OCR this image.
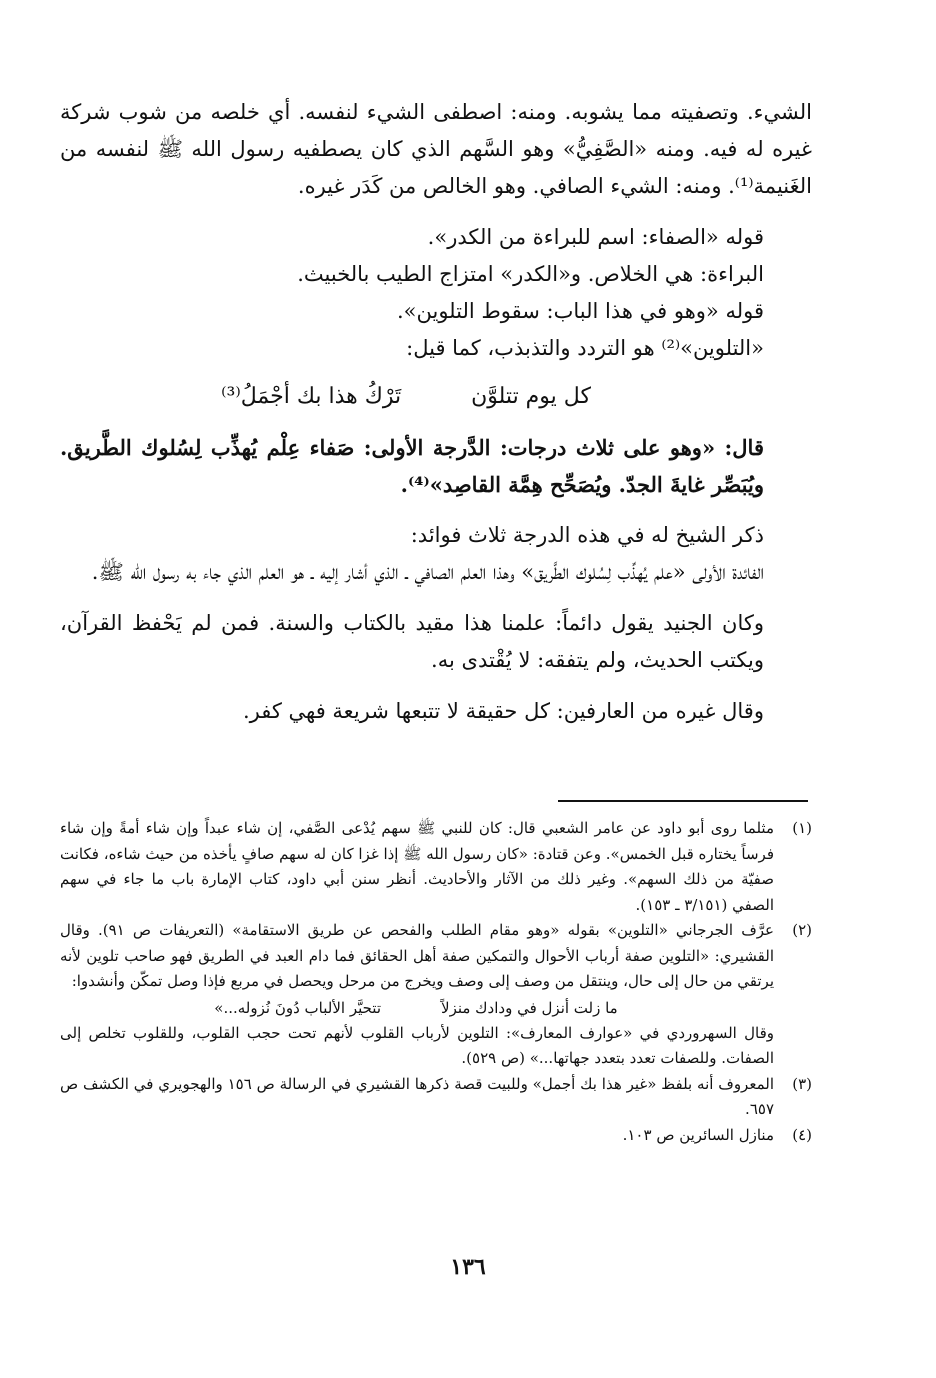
الشيء. وتصفيته مما يشوبه. ومنه: اصطفى الشيء لنفسه. أي خلصه من شوب شركة غيره له فيه. ومنه «الصَّفِيُّ» وهو السَّهم الذي كان يصطفيه رسول الله ﷺ لنفسه من الغَنيمة⁽¹⁾. ومنه: الشيء الصافي. وهو الخالص من كَدَر غيره.

قوله «الصفاء: اسم للبراءة من الكدر».

البراءة: هي الخلاص. و«الكدر» امتزاج الطيب بالخبيث.

قوله «وهو في هذا الباب: سقوط التلوين».

«التلوين»⁽²⁾ هو التردد والتذبذب، كما قيل:

كل يوم تتلوَّن
تَرْكُ هذا بك أجْمَلُ⁽³⁾

قال: «وهو على ثلاث درجات: الدَّرجة الأولى: صَفاء عِلْم يُهذِّب لِسُلوك الطَّريق. ويُبَصِّر غايةَ الجدّ. ويُصَحِّح هِمَّة القاصِد»⁽⁴⁾.

ذكر الشيخ له في هذه الدرجة ثلاث فوائد:

الفائدة الأولى «علم يُهذِّب لِسُلوك الطَّريق» وهذا العلم الصافي ـ الذي أشار إليه ـ هو العلم الذي جاء به رسول الله ﷺ.

وكان الجنيد يقول دائماً: علمنا هذا مقيد بالكتاب والسنة. فمن لم يَحْفظ القرآن، ويكتب الحديث، ولم يتفقه: لا يُقْتدى به.

وقال غيره من العارفين: كل حقيقة لا تتبعها شريعة فهي كفر.

(١)
مثلما روى أبو داود عن عامر الشعبي قال: كان للنبي ﷺ سهم يُدْعى الصَّفي، إن شاء عبداً وإن شاء أمةً وإن شاء فرساً يختاره قبل الخمس». وعن قتادة: «كان رسول الله ﷺ إذا غزا كان له سهم صافٍ يأخذه من حيث شاءه، فكانت صفيّة من ذلك السهم». وغير ذلك من الآثار والأحاديث. أنظر سنن أبي داود، كتاب الإمارة باب ما جاء في سهم الصفي (٣/١٥١ ـ ١٥٣).
(٢)
عرَّف الجرجاني «التلوين» بقوله «وهو مقام الطلب والفحص عن طريق الاستقامة» (التعريفات ص ٩١). وقال القشيري: «التلوين صفة أرباب الأحوال والتمكين صفة أهل الحقائق فما دام العبد في الطريق فهو صاحب تلوين لأنه يرتقي من حال إلى حال، وينتقل من وصف إلى وصف ويخرج من مرحل ويحصل في مربع فإذا وصل تمكّن وأنشدوا:
ما زلت أنزل في ودادك منزلاً
تتحيَّر الألباب دُونَ نُزوله...»
وقال السهروردي في «عوارف المعارف»: التلوين لأرباب القلوب لأنهم تحت حجب القلوب، وللقلوب تخلص إلى الصفات. وللصفات تعدد بتعدد جهاتها...» (ص ٥٢٩).
(٣)
المعروف أنه بلفظ «غير هذا بك أجمل» وللبيت قصة ذكرها القشيري في الرسالة ص ١٥٦ والهجويري في الكشف ص ٦٥٧.
(٤)
منازل السائرين ص ١٠٣.
١٣٦
